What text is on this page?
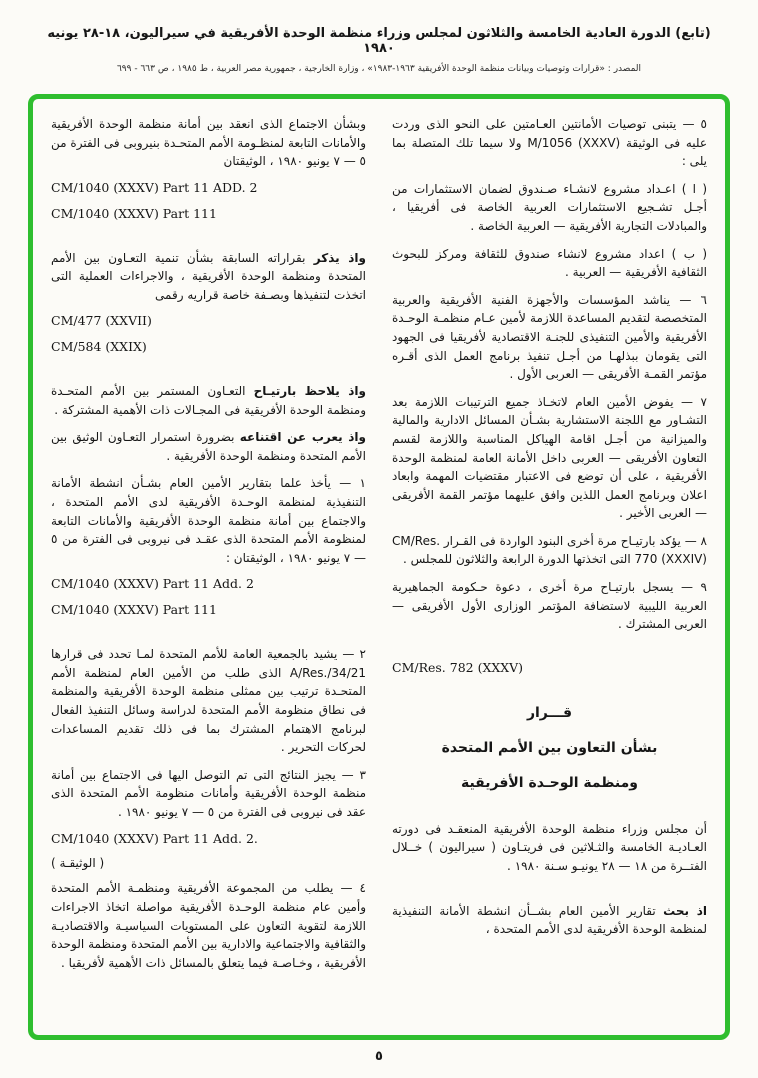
(تابع) الدورة العادية الخامسة والثلاثون لمجلس وزراء منظمة الوحدة الأفريقية في سيراليون، ١٨-٢٨ يونيه ١٩٨٠
المصدر : «قرارات وتوصيات وبيانات منظمة الوحدة الأفريقية ١٩٦٣-١٩٨٣» ، وزارة الخارجية ، جمهورية مصر العربية ، ط ١٩٨٥ ، ص ٦٦٣ - ٦٩٩

٥ — يتبنى توصيات الأمانتين العـامتين على النحو الذى وردت عليه فى الوثيقة M/1056 (XXXV) ولا سيما تلك المتصلة بما يلى :

( ا ) اعـداد مشروع لانشـاء صـندوق لضمان الاستثمارات من أجـل تشـجيع الاستثمارات العربية الخاصة فى أفريقيا ، والمبادلات التجارية الأفريقية — العربية الخاصة .

( ب ) اعداد مشروع لانشاء صندوق للثقافة ومركز للبحوث الثقافية الأفريقية — العربية .

٦ — يناشد المؤسسات والأجهزة الفنية الأفريقية والعربية المتخصصة لتقديم المساعدة اللازمة لأمين عـام منظمـة الوحـدة الأفريقية والأمين التنفيذى للجنـة الاقتصادية لأفريقيا فى الجهود التى يقومان ببذلهـا من أجـل تنفيذ برنامج العمل الذى أقـره مؤتمر القمـة الأفريقى — العربى الأول .

٧ — يفوض الأمين العام لاتخـاذ جميع الترتيبات اللازمة بعد التشـاور مع اللجنة الاستشارية بشـأن المسائل الادارية والمالية والميزانية من أجـل اقامة الهياكل المناسبة واللازمة لقسم التعاون الأفريقى — العربى داخل الأمانة العامة لمنظمة الوحدة الأفريقية ، على أن توضع فى الاعتبار مقتضيات المهمة وابعاد اعلان وبرنامج العمل اللذين وافق عليهما مؤتمر القمة الأفريقى — العربى الأخير .

٨ — يؤكد بارتيـاح مرة أخرى البنود الواردة فى القـرار CM/Res. 770 (XXXIV) التى اتخذتها الدورة الرابعة والثلاثون للمجلس .

٩ — يسجل بارتيـاح مرة أخرى ، دعوة حـكومة الجماهيرية العربية الليبية لاستضافة المؤتمر الوزارى الأول الأفريقى — العربى المشترك .

CM/Res. 782 (XXXV)

قـــرار

بشأن التعاون بين الأمم المتحدة

ومنظمة الوحـدة الأفريقية

أن مجلس وزراء منظمة الوحدة الأفريقية المنعقـد فى دورته العـاديـة الخامسة والثـلاثين فى فريتـاون ( سيراليون ) خــلال الفتــرة من ١٨ — ٢٨ يونيـو سـنة ١٩٨٠ .

اذ بحث تقارير الأمين العام بشــأن انشطة الأمانة التنفيذية لمنظمة الوحدة الأفريقية لدى الأمم المتحدة ،

وبشأن الاجتماع الذى انعقد بين أمانة منظمة الوحدة الأفريقية والأمانات التابعة لمنظـومة الأمم المتحـدة بنيروبى فى الفترة من ٥ — ٧ يونيو ١٩٨٠ ، الوثيقتان

CM/1040 (XXXV) Part 11 ADD. 2

CM/1040 (XXXV) Part 111

واذ يذكر بقراراته السابقة بشأن تنمية التعـاون بين الأمم المتحدة ومنظمة الوحدة الأفريقية ، والاجراءات العملية التى اتخذت لتنفيذها وبصـفة خاصة قراريه رقمى

CM/477 (XXVII)

CM/584 (XXIX)

واذ يلاحظ بارتيـاح التعـاون المستمر بين الأمم المتحـدة ومنظمة الوحدة الأفريقية فى المجـالات ذات الأهمية المشتركة .

واذ يعرب عن اقتناعه بضرورة استمرار التعـاون الوثيق بين الأمم المتحدة ومنظمة الوحدة الأفريقية .

١ — يأخذ علما بتقارير الأمين العام بشـأن انشطة الأمانة التنفيذية لمنظمة الوحـدة الأفريقية لدى الأمم المتحدة ، والاجتماع بين أمانة منظمة الوحدة الأفريقية والأمانات التابعة لمنظومة الأمم المتحدة الذى عقـد فى نيروبى فى الفترة من ٥ — ٧ يونيو ١٩٨٠ ، الوثيقتان :

CM/1040 (XXXV) Part 11 Add. 2

CM/1040 (XXXV) Part 111

٢ — يشيد بالجمعية العامة للأمم المتحدة لمـا تحدد فى قرارها A/Res./34/21 الذى طلب من الأمين العام لمنظمة الأمم المتحـدة ترتيب بين ممثلى منظمة الوحدة الأفريقية والمنظمة فى نطاق منظومة الأمم المتحدة لدراسة وسائل التنفيذ الفعال لبرنامج الاهتمام المشترك بما فى ذلك تقديم المساعدات لحركات التحرير .

٣ — يجيز النتائج التى تم التوصل اليها فى الاجتماع بين أمانة منظمة الوحدة الأفريقية وأمانات منظومة الأمم المتحدة الذى عقد فى نيروبى فى الفترة من ٥ — ٧ يونيو ١٩٨٠ .

CM/1040 (XXXV) Part 11 Add. 2.

( الوثيقـة )

٤ — يطلب من المجموعة الأفريقية ومنظمـة الأمم المتحدة وأمين عام منظمة الوحـدة الأفريقية مواصلة اتخاذ الاجراءات اللازمة لتقوية التعاون على المستويات السياسيـة والاقتصاديـة والثقافية والاجتماعية والادارية بين الأمم المتحدة ومنظمة الوحدة الأفريقية ، وخـاصـة فيما يتعلق بالمسائل ذات الأهمية لأفريقيا .

٥
